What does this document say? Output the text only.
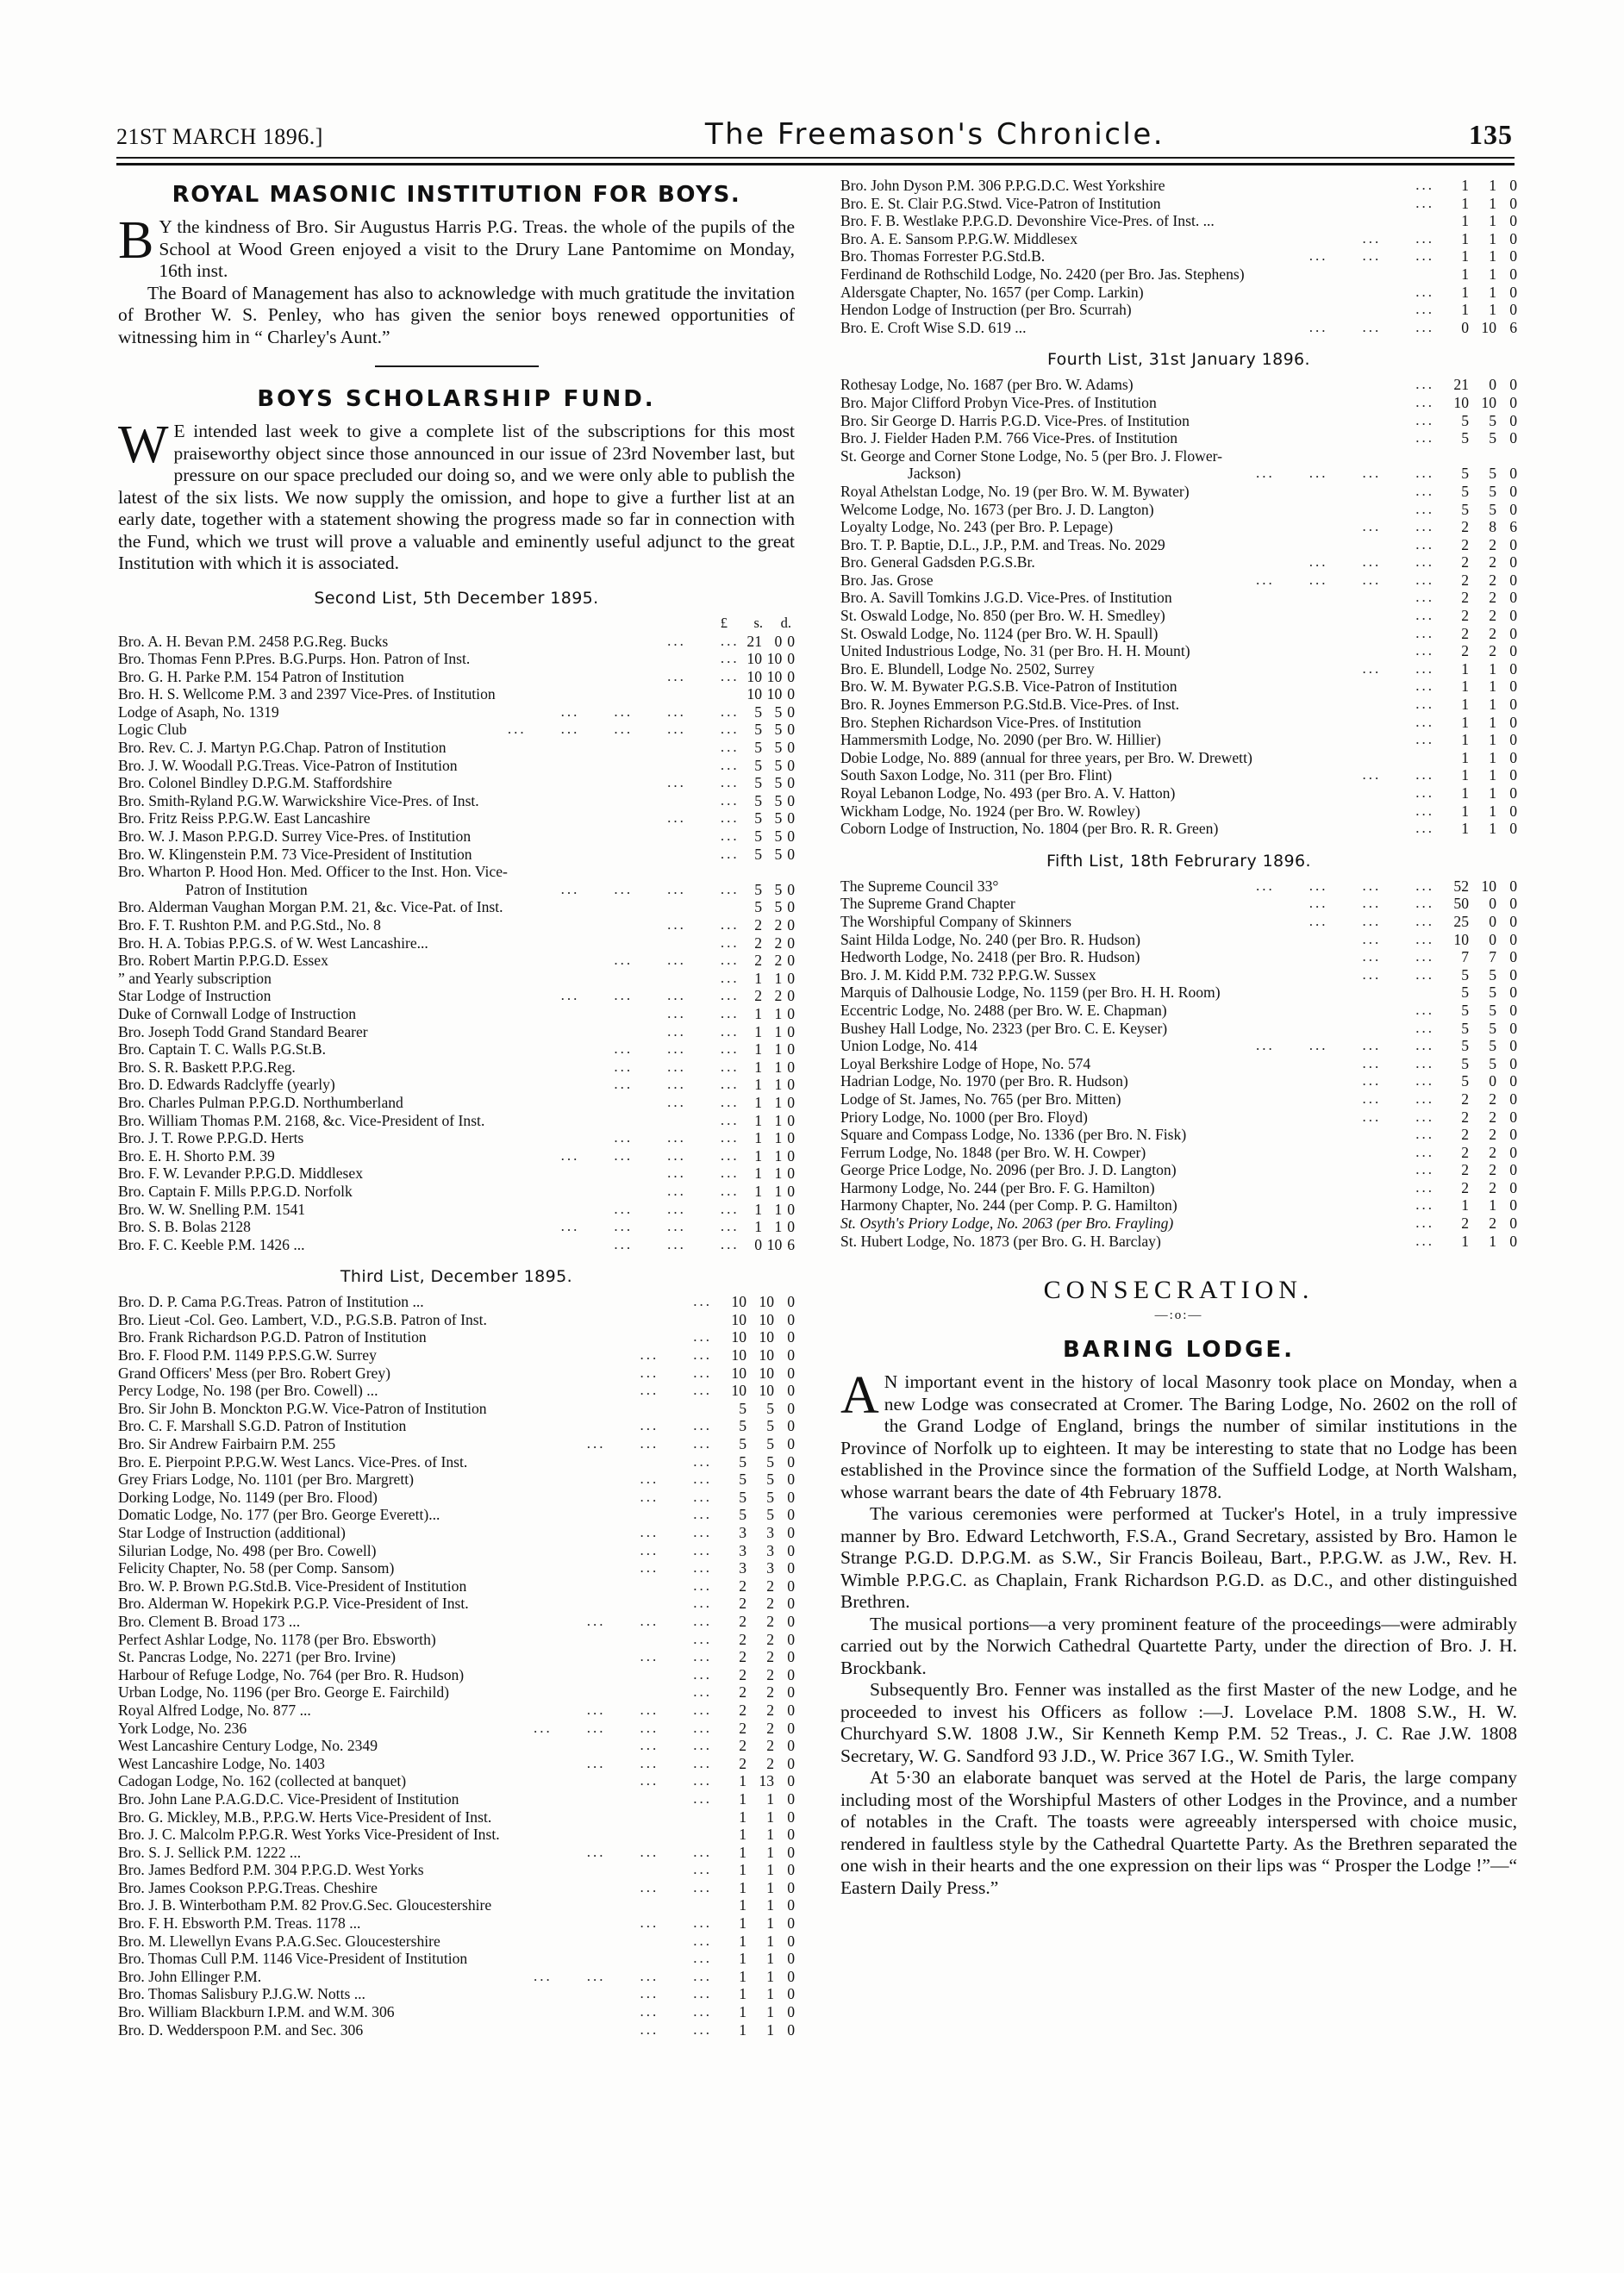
21ST MARCH 1896.]	The Freemason's Chronicle.	135
ROYAL MASONIC INSTITUTION FOR BOYS.
B Y the kindness of Bro. Sir Augustus Harris P.G. Treas. the whole of the pupils of the School at Wood Green enjoyed a visit to the Drury Lane Pantomime on Monday, 16th inst.

The Board of Management has also to acknowledge with much gratitude the invitation of Brother W. S. Penley, who has given the senior boys renewed opportunities of witnessing him in “ Charley's Aunt.”

BOYS SCHOLARSHIP FUND.
W E intended last week to give a complete list of the subscriptions for this most praiseworthy object since those announced in our issue of 23rd November last, but pressure on our space precluded our doing so, and we were only able to publish the latest of the six lists. We now supply the omission, and hope to give a further list at an early date, together with a statement showing the progress made so far in connection with the Fund, which we trust will prove a valuable and eminently useful adjunct to the great Institution with which it is associated.

Second List, 5th December 1895.
£ s. d.
Bro. A. H. Bevan P.M. 2458 P.G.Reg. Bucks	...  ...	21	0	0
Bro. Thomas Fenn P.Pres. B.G.Purps. Hon. Patron of Inst.	...	10	10	0
Bro. G. H. Parke P.M. 154 Patron of Institution	...  ...	10	10	0
Bro. H. S. Wellcome P.M. 3 and 2397 Vice-Pres. of Institution		10	10	0
Lodge of Asaph, No. 1319	...  ...  ...  ...	5	5	0
Logic Club	...  ...  ...  ...  ...	5	5	0
Bro. Rev. C. J. Martyn P.G.Chap. Patron of Institution	...	5	5	0
Bro. J. W. Woodall P.G.Treas. Vice-Patron of Institution	...	5	5	0
Bro. Colonel Bindley D.P.G.M. Staffordshire	...  ...	5	5	0
Bro. Smith-Ryland P.G.W. Warwickshire Vice-Pres. of Inst.	...	5	5	0
Bro. Fritz Reiss P.P.G.W. East Lancashire	...  ...	5	5	0
Bro. W. J. Mason P.P.G.D. Surrey Vice-Pres. of Institution	...	5	5	0
Bro. W. Klingenstein P.M. 73 Vice-President of Institution	...	5	5	0
Bro. Wharton P. Hood Hon. Med. Officer to the Inst. Hon. Vice-				
Patron of Institution	...  ...  ...  ...	5	5	0
Bro. Alderman Vaughan Morgan P.M. 21, &c. Vice-Pat. of Inst.		5	5	0
Bro. F. T. Rushton P.M. and P.G.Std., No. 8	...  ...	2	2	0
Bro. H. A. Tobias P.P.G.S. of W. West Lancashire...	...	2	2	0
Bro. Robert Martin P.P.G.D. Essex	...  ...  ...	2	2	0
” and Yearly subscription	...	1	1	0
Star Lodge of Instruction	...  ...  ...  ...	2	2	0
Duke of Cornwall Lodge of Instruction	...  ...	1	1	0
Bro. Joseph Todd Grand Standard Bearer	...  ...	1	1	0
Bro. Captain T. C. Walls P.G.St.B.	...  ...  ...	1	1	0
Bro. S. R. Baskett P.P.G.Reg.	...  ...  ...	1	1	0
Bro. D. Edwards Radclyffe (yearly)	...  ...  ...	1	1	0
Bro. Charles Pulman P.P.G.D. Northumberland	...  ...	1	1	0
Bro. William Thomas P.M. 2168, &c. Vice-President of Inst.	...	1	1	0
Bro. J. T. Rowe P.P.G.D. Herts	...  ...  ...	1	1	0
Bro. E. H. Shorto P.M. 39	...  ...  ...  ...	1	1	0
Bro. F. W. Levander P.P.G.D. Middlesex	...  ...	1	1	0
Bro. Captain F. Mills P.P.G.D. Norfolk	...  ...	1	1	0
Bro. W. W. Snelling P.M. 1541	...  ...  ...	1	1	0
Bro. S. B. Bolas 2128	...  ...  ...  ...	1	1	0
Bro. F. C. Keeble P.M. 1426 ...	...  ...  ...	0	10	6
Third List, December 1895.
Bro. D. P. Cama P.G.Treas. Patron of Institution ...	...	10	10	0
Bro. Lieut -Col. Geo. Lambert, V.D., P.G.S.B. Patron of Inst.		10	10	0
Bro. Frank Richardson P.G.D. Patron of Institution	...	10	10	0
Bro. F. Flood P.M. 1149 P.P.S.G.W. Surrey	...  ...	10	10	0
Grand Officers' Mess (per Bro. Robert Grey)	...  ...	10	10	0
Percy Lodge, No. 198 (per Bro. Cowell) ...	...  ...	10	10	0
Bro. Sir John B. Monckton P.G.W. Vice-Patron of Institution		5	5	0
Bro. C. F. Marshall S.G.D. Patron of Institution	...  ...	5	5	0
Bro. Sir Andrew Fairbairn P.M. 255	...  ...  ...	5	5	0
Bro. E. Pierpoint P.P.G.W. West Lancs. Vice-Pres. of Inst.	...	5	5	0
Grey Friars Lodge, No. 1101 (per Bro. Margrett)	...  ...	5	5	0
Dorking Lodge, No. 1149 (per Bro. Flood)	...  ...	5	5	0
Domatic Lodge, No. 177 (per Bro. George Everett)...	...	5	5	0
Star Lodge of Instruction (additional)	...  ...	3	3	0
Silurian Lodge, No. 498 (per Bro. Cowell)	...  ...	3	3	0
Felicity Chapter, No. 58 (per Comp. Sansom)	...  ...	3	3	0
Bro. W. P. Brown P.G.Std.B. Vice-President of Institution	...	2	2	0
Bro. Alderman W. Hopekirk P.G.P. Vice-President of Inst.	...	2	2	0
Bro. Clement B. Broad 173 ...	...  ...  ...	2	2	0
Perfect Ashlar Lodge, No. 1178 (per Bro. Ebsworth)	...	2	2	0
St. Pancras Lodge, No. 2271 (per Bro. Irvine)	...  ...	2	2	0
Harbour of Refuge Lodge, No. 764 (per Bro. R. Hudson)	...	2	2	0
Urban Lodge, No. 1196 (per Bro. George E. Fairchild)	...	2	2	0
Royal Alfred Lodge, No. 877 ...	...  ...  ...	2	2	0
York Lodge, No. 236	...  ...  ...  ...	2	2	0
West Lancashire Century Lodge, No. 2349	...  ...	2	2	0
West Lancashire Lodge, No. 1403	...  ...  ...	2	2	0
Cadogan Lodge, No. 162 (collected at banquet)	...  ...	1	13	0
Bro. John Lane P.A.G.D.C. Vice-President of Institution	...	1	1	0
Bro. G. Mickley, M.B., P.P.G.W. Herts Vice-President of Inst.		1	1	0
Bro. J. C. Malcolm P.P.G.R. West Yorks Vice-President of Inst.		1	1	0
Bro. S. J. Sellick P.M. 1222 ...	...  ...  ...	1	1	0
Bro. James Bedford P.M. 304 P.P.G.D. West Yorks	...	1	1	0
Bro. James Cookson P.P.G.Treas. Cheshire	...  ...	1	1	0
Bro. J. B. Winterbotham P.M. 82 Prov.G.Sec. Gloucestershire		1	1	0
Bro. F. H. Ebsworth P.M. Treas. 1178 ...	...  ...	1	1	0
Bro. M. Llewellyn Evans P.A.G.Sec. Gloucestershire	...	1	1	0
Bro. Thomas Cull P.M. 1146 Vice-President of Institution	...	1	1	0
Bro. John Ellinger P.M.	...  ...  ...  ...	1	1	0
Bro. Thomas Salisbury P.J.G.W. Notts ...	...  ...	1	1	0
Bro. William Blackburn I.P.M. and W.M. 306	...  ...	1	1	0
Bro. D. Wedderspoon P.M. and Sec. 306	...  ...	1	1	0
Bro. John Dyson P.M. 306 P.P.G.D.C. West Yorkshire	...	1	1	0
Bro. E. St. Clair P.G.Stwd. Vice-Patron of Institution	...	1	1	0
Bro. F. B. Westlake P.P.G.D. Devonshire Vice-Pres. of Inst. ...		1	1	0
Bro. A. E. Sansom P.P.G.W. Middlesex	...  ...	1	1	0
Bro. Thomas Forrester P.G.Std.B.	...  ...  ...	1	1	0
Ferdinand de Rothschild Lodge, No. 2420 (per Bro. Jas. Stephens)		1	1	0
Aldersgate Chapter, No. 1657 (per Comp. Larkin)	...	1	1	0
Hendon Lodge of Instruction (per Bro. Scurrah)	...	1	1	0
Bro. E. Croft Wise S.D. 619 ...	...  ...  ...	0	10	6
Fourth List, 31st January 1896.
Rothesay Lodge, No. 1687 (per Bro. W. Adams)	...	21	0	0
Bro. Major Clifford Probyn Vice-Pres. of Institution	...	10	10	0
Bro. Sir George D. Harris P.G.D. Vice-Pres. of Institution	...	5	5	0
Bro. J. Fielder Haden P.M. 766 Vice-Pres. of Institution	...	5	5	0
St. George and Corner Stone Lodge, No. 5 (per Bro. J. Flower-				
Jackson)	...  ...  ...  ...	5	5	0
Royal Athelstan Lodge, No. 19 (per Bro. W. M. Bywater)	...	5	5	0
Welcome Lodge, No. 1673 (per Bro. J. D. Langton)	...	5	5	0
Loyalty Lodge, No. 243 (per Bro. P. Lepage)	...  ...	2	8	6
Bro. T. P. Baptie, D.L., J.P., P.M. and Treas. No. 2029	...	2	2	0
Bro. General Gadsden P.G.S.Br.	...  ...  ...	2	2	0
Bro. Jas. Grose	...  ...  ...  ...	2	2	0
Bro. A. Savill Tomkins J.G.D. Vice-Pres. of Institution	...	2	2	0
St. Oswald Lodge, No. 850 (per Bro. W. H. Smedley)	...	2	2	0
St. Oswald Lodge, No. 1124 (per Bro. W. H. Spaull)	...	2	2	0
United Industrious Lodge, No. 31 (per Bro. H. H. Mount)	...	2	2	0
Bro. E. Blundell, Lodge No. 2502, Surrey	...  ...	1	1	0
Bro. W. M. Bywater P.G.S.B. Vice-Patron of Institution	...	1	1	0
Bro. R. Joynes Emmerson P.G.Std.B. Vice-Pres. of Inst.	...	1	1	0
Bro. Stephen Richardson Vice-Pres. of Institution	...	1	1	0
Hammersmith Lodge, No. 2090 (per Bro. W. Hillier)	...	1	1	0
Dobie Lodge, No. 889 (annual for three years, per Bro. W. Drewett)		1	1	0
South Saxon Lodge, No. 311 (per Bro. Flint)	...  ...	1	1	0
Royal Lebanon Lodge, No. 493 (per Bro. A. V. Hatton)	...	1	1	0
Wickham Lodge, No. 1924 (per Bro. W. Rowley)	...	1	1	0
Coborn Lodge of Instruction, No. 1804 (per Bro. R. R. Green)	...	1	1	0
Fifth List, 18th Februrary 1896.
The Supreme Council 33°	...  ...  ...  ...	52	10	0
The Supreme Grand Chapter	...  ...  ...	50	0	0
The Worshipful Company of Skinners	...  ...  ...	25	0	0
Saint Hilda Lodge, No. 240 (per Bro. R. Hudson)	...  ...	10	0	0
Hedworth Lodge, No. 2418 (per Bro. R. Hudson)	...  ...	7	7	0
Bro. J. M. Kidd P.M. 732 P.P.G.W. Sussex	...  ...	5	5	0
Marquis of Dalhousie Lodge, No. 1159 (per Bro. H. H. Room)		5	5	0
Eccentric Lodge, No. 2488 (per Bro. W. E. Chapman)	...	5	5	0
Bushey Hall Lodge, No. 2323 (per Bro. C. E. Keyser)	...	5	5	0
Union Lodge, No. 414	...  ...  ...  ...	5	5	0
Loyal Berkshire Lodge of Hope, No. 574	...  ...	5	5	0
Hadrian Lodge, No. 1970 (per Bro. R. Hudson)	...  ...	5	0	0
Lodge of St. James, No. 765 (per Bro. Mitten)	...  ...	2	2	0
Priory Lodge, No. 1000 (per Bro. Floyd)	...  ...	2	2	0
Square and Compass Lodge, No. 1336 (per Bro. N. Fisk)	...	2	2	0
Ferrum Lodge, No. 1848 (per Bro. W. H. Cowper)	...	2	2	0
George Price Lodge, No. 2096 (per Bro. J. D. Langton)	...	2	2	0
Harmony Lodge, No. 244 (per Bro. F. G. Hamilton)	...	2	2	0
Harmony Chapter, No. 244 (per Comp. P. G. Hamilton)	...	1	1	0
St. Osyth's Priory Lodge, No. 2063 (per Bro. Frayling)	...	2	2	0
St. Hubert Lodge, No. 1873 (per Bro. G. H. Barclay)	...	1	1	0
CONSECRATION.
—:o:—
BARING LODGE.
A N important event in the history of local Masonry took place on Monday, when a new Lodge was consecrated at Cromer. The Baring Lodge, No. 2602 on the roll of the Grand Lodge of England, brings the number of similar institutions in the Province of Norfolk up to eighteen. It may be interesting to state that no Lodge has been established in the Province since the formation of the Suffield Lodge, at North Walsham, whose warrant bears the date of 4th February 1878.

The various ceremonies were performed at Tucker's Hotel, in a truly impressive manner by Bro. Edward Letchworth, F.S.A., Grand Secretary, assisted by Bro. Hamon le Strange P.G.D. D.P.G.M. as S.W., Sir Francis Boileau, Bart., P.P.G.W. as J.W., Rev. H. Wimble P.P.G.C. as Chaplain, Frank Richardson P.G.D. as D.C., and other distinguished Brethren.

The musical portions—a very prominent feature of the proceedings—were admirably carried out by the Norwich Cathedral Quartette Party, under the direction of Bro. J. H. Brockbank.

Subsequently Bro. Fenner was installed as the first Master of the new Lodge, and he proceeded to invest his Officers as follow :—J. Lovelace P.M. 1808 S.W., H. W. Churchyard S.W. 1808 J.W., Sir Kenneth Kemp P.M. 52 Treas., J. C. Rae J.W. 1808 Secretary, W. G. Sandford 93 J.D., W. Price 367 I.G., W. Smith Tyler.

At 5·30 an elaborate banquet was served at the Hotel de Paris, the large company including most of the Worshipful Masters of other Lodges in the Province, and a number of notables in the Craft. The toasts were agreeably interspersed with choice music, rendered in faultless style by the Cathedral Quartette Party. As the Brethren separated the one wish in their hearts and the one expression on their lips was “ Prosper the Lodge !”—“ Eastern Daily Press.”
